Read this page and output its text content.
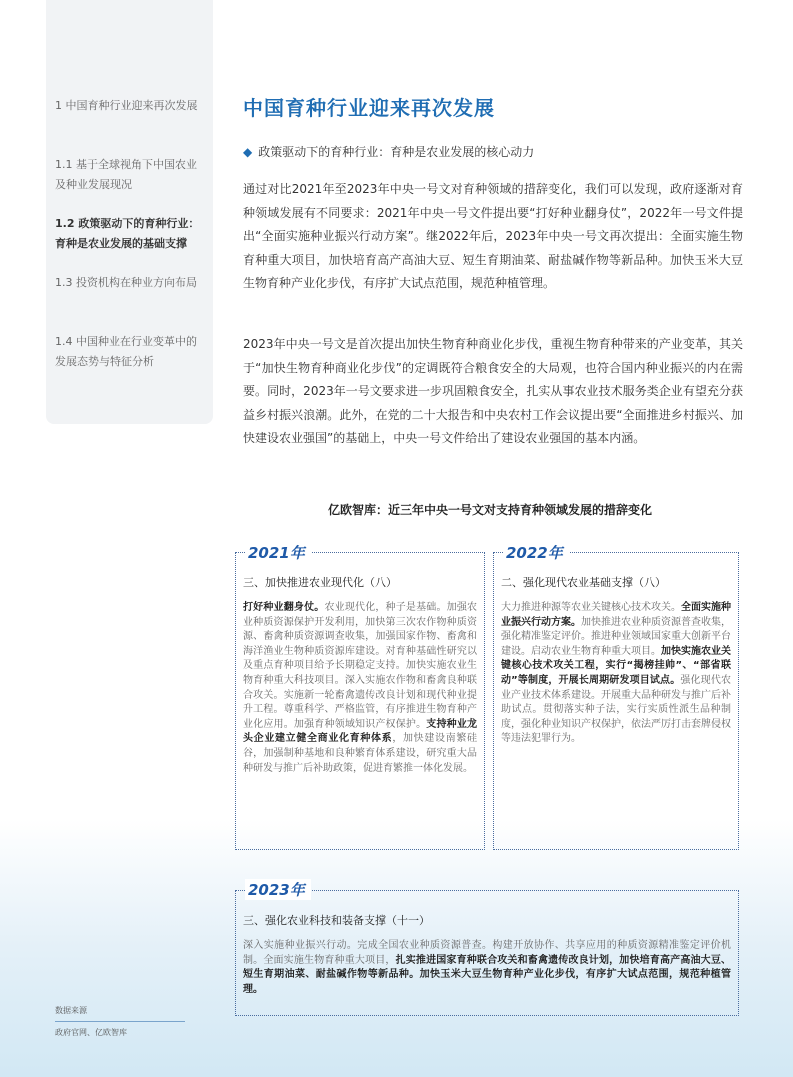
1 中国育种行业迎来再次发展
1.1 基于全球视角下中国农业及种业发展现况
1.2 政策驱动下的育种行业：育种是农业发展的基础支撑
1.3 投资机构在种业方向布局
1.4 中国种业在行业变革中的发展态势与特征分析
中国育种行业迎来再次发展
◆ 政策驱动下的育种行业：育种是农业发展的核心动力
通过对比2021年至2023年中央一号文对育种领域的措辞变化，我们可以发现，政府逐渐对育种领域发展有不同要求：2021年中央一号文件提出要“打好种业翻身仗”，2022年一号文件提出“全面实施种业振兴行动方案”。继2022年后，2023年中央一号文再次提出：全面实施生物育种重大项目，加快培育高产高油大豆、短生育期油菜、耐盐碱作物等新品种。加快玉米大豆生物育种产业化步伐，有序扩大试点范围，规范种植管理。
2023年中央一号文是首次提出加快生物育种商业化步伐，重视生物育种带来的产业变革，其关于“加快生物育种商业化步伐”的定调既符合粮食安全的大局观，也符合国内种业振兴的内在需要。同时，2023年一号文要求进一步巩固粮食安全，扎实从事农业技术服务类企业有望充分获益乡村振兴浪潮。此外，在党的二十大报告和中央农村工作会议提出要“全面推进乡村振兴、加快建设农业强国”的基础上，中央一号文件给出了建设农业强国的基本内涵。
亿欧智库：近三年中央一号文对支持育种领域发展的措辞变化
2021年
三、加快推进农业现代化（八）
打好种业翻身仗。农业现代化，种子是基础。加强农业种质资源保护开发利用，加快第三次农作物种质资源、畜禽种质资源调查收集，加强国家作物、畜禽和海洋渔业生物种质资源库建设。对育种基础性研究以及重点育种项目给予长期稳定支持。加快实施农业生物育种重大科技项目。深入实施农作物和畜禽良种联合攻关。实施新一轮畜禽遗传改良计划和现代种业提升工程。尊重科学、严格监管，有序推进生物育种产业化应用。加强育种领域知识产权保护。支持种业龙头企业建立健全商业化育种体系，加快建设南繁硅谷，加强制种基地和良种繁育体系建设，研究重大品种研发与推广后补助政策，促进育繁推一体化发展。
2022年
二、强化现代农业基础支撑（八）
大力推进种源等农业关键核心技术攻关。全面实施种业振兴行动方案。加快推进农业种质资源普查收集，强化精准鉴定评价。推进种业领域国家重大创新平台建设。启动农业生物育种重大项目。加快实施农业关键核心技术攻关工程，实行“揭榜挂帅”、“部省联动”等制度，开展长周期研发项目试点。强化现代农业产业技术体系建设。开展重大品种研发与推广后补助试点。贯彻落实种子法，实行实质性派生品种制度，强化种业知识产权保护，依法严厉打击套牌侵权等违法犯罪行为。
2023年
三、强化农业科技和装备支撑（十一）
深入实施种业振兴行动。完成全国农业种质资源普查。构建开放协作、共享应用的种质资源精准鉴定评价机制。全面实施生物育种重大项目，扎实推进国家育种联合攻关和畜禽遗传改良计划，加快培育高产高油大豆、短生育期油菜、耐盐碱作物等新品种。加快玉米大豆生物育种产业化步伐，有序扩大试点范围，规范种植管理。
数据来源
政府官网、亿欧智库
